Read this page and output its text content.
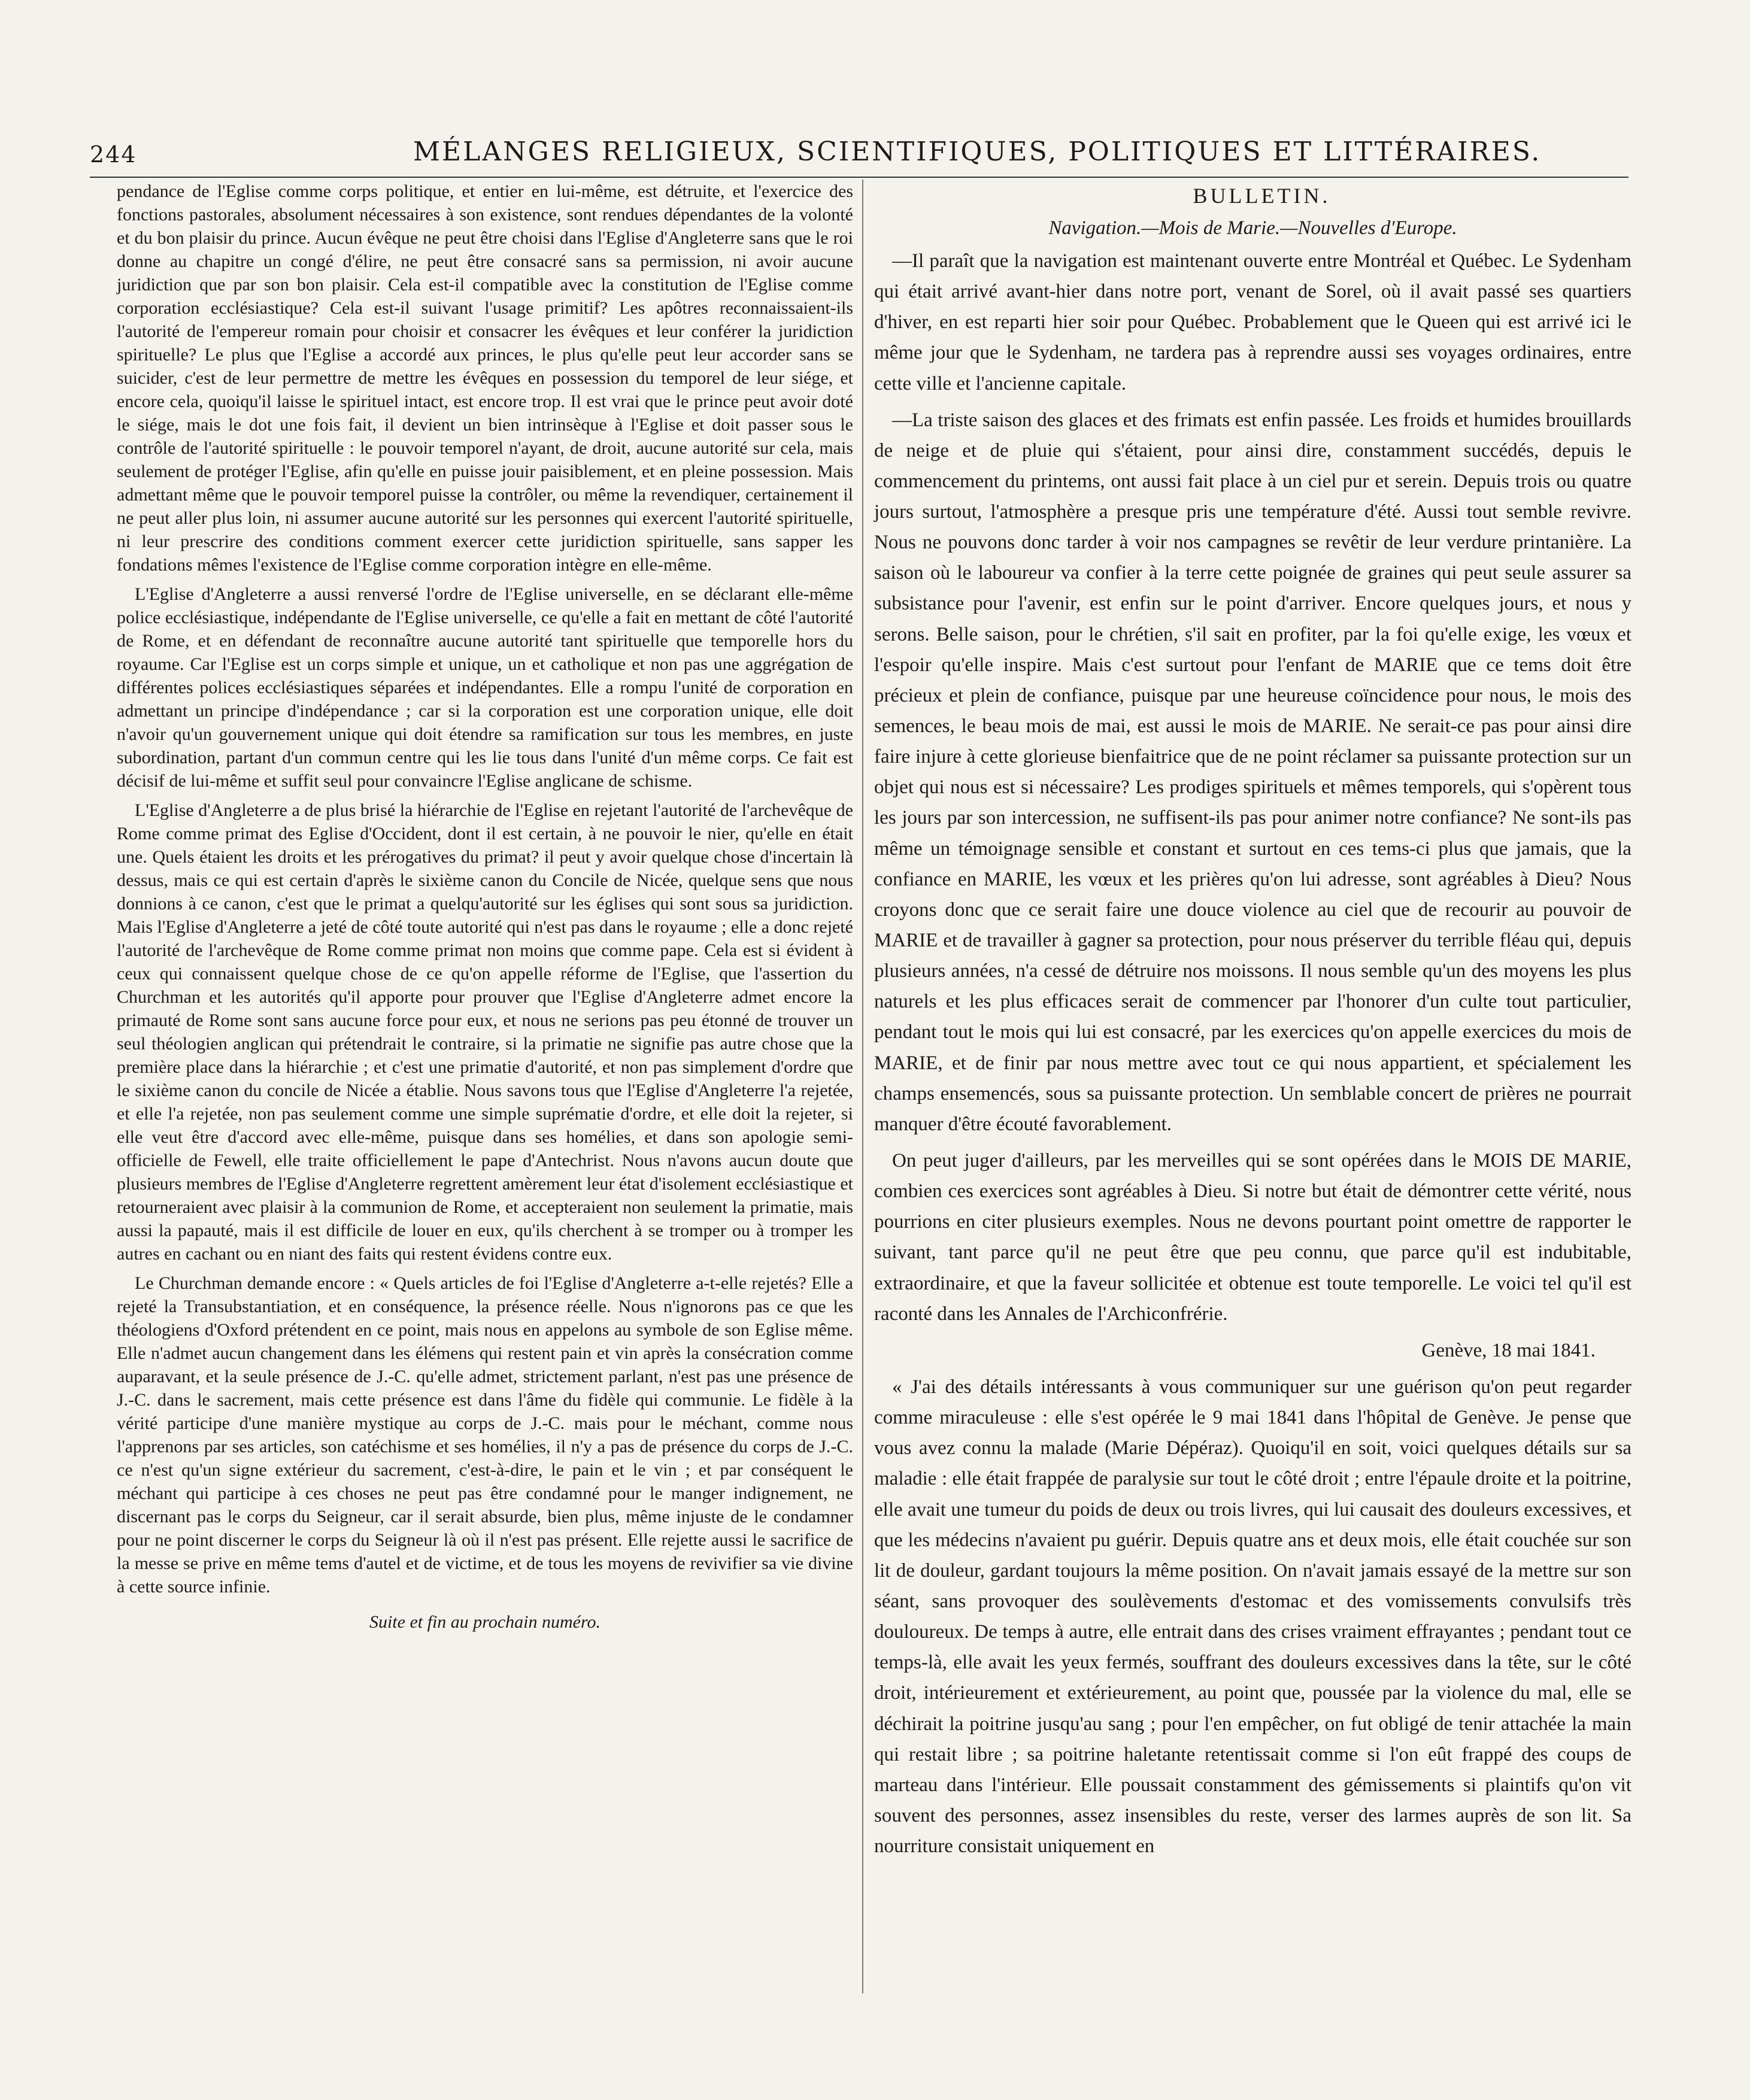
244	MÉLANGES RELIGIEUX, SCIENTIFIQUES, POLITIQUES ET LITTÉRAIRES.

pendance de l'Eglise comme corps politique, et entier en lui-même, est détruite, et l'exercice des fonctions pastorales, absolument nécessaires à son existence, sont rendues dépendantes de la volonté et du bon plaisir du prince. Aucun évêque ne peut être choisi dans l'Eglise d'Angleterre sans que le roi donne au chapitre un congé d'élire, ne peut être consacré sans sa permission, ni avoir aucune juridiction que par son bon plaisir. Cela est-il compatible avec la constitution de l'Eglise comme corporation ecclésiastique? Cela est-il suivant l'usage primitif? Les apôtres reconnaissaient-ils l'autorité de l'empereur romain pour choisir et consacrer les évêques et leur conférer la juridiction spirituelle? Le plus que l'Eglise a accordé aux princes, le plus qu'elle peut leur accorder sans se suicider, c'est de leur permettre de mettre les évêques en possession du temporel de leur siége, et encore cela, quoiqu'il laisse le spirituel intact, est encore trop. Il est vrai que le prince peut avoir doté le siége, mais le dot une fois fait, il devient un bien intrinsèque à l'Eglise et doit passer sous le contrôle de l'autorité spirituelle : le pouvoir temporel n'ayant, de droit, aucune autorité sur cela, mais seulement de protéger l'Eglise, afin qu'elle en puisse jouir paisiblement, et en pleine possession. Mais admettant même que le pouvoir temporel puisse la contrôler, ou même la revendiquer, certainement il ne peut aller plus loin, ni assumer aucune autorité sur les personnes qui exercent l'autorité spirituelle, ni leur prescrire des conditions comment exercer cette juridiction spirituelle, sans sapper les fondations mêmes l'existence de l'Eglise comme corporation intègre en elle-même.

L'Eglise d'Angleterre a aussi renversé l'ordre de l'Eglise universelle, en se déclarant elle-même police ecclésiastique, indépendante de l'Eglise universelle, ce qu'elle a fait en mettant de côté l'autorité de Rome, et en défendant de reconnaître aucune autorité tant spirituelle que temporelle hors du royaume. Car l'Eglise est un corps simple et unique, un et catholique et non pas une aggrégation de différentes polices ecclésiastiques séparées et indépendantes. Elle a rompu l'unité de corporation en admettant un principe d'indépendance ; car si la corporation est une corporation unique, elle doit n'avoir qu'un gouvernement unique qui doit étendre sa ramification sur tous les membres, en juste subordination, partant d'un commun centre qui les lie tous dans l'unité d'un même corps. Ce fait est décisif de lui-même et suffit seul pour convaincre l'Eglise anglicane de schisme.

L'Eglise d'Angleterre a de plus brisé la hiérarchie de l'Eglise en rejetant l'autorité de l'archevêque de Rome comme primat des Eglise d'Occident, dont il est certain, à ne pouvoir le nier, qu'elle en était une. Quels étaient les droits et les prérogatives du primat? il peut y avoir quelque chose d'incertain là dessus, mais ce qui est certain d'après le sixième canon du Concile de Nicée, quelque sens que nous donnions à ce canon, c'est que le primat a quelqu'autorité sur les églises qui sont sous sa juridiction. Mais l'Eglise d'Angleterre a jeté de côté toute autorité qui n'est pas dans le royaume ; elle a donc rejeté l'autorité de l'archevêque de Rome comme primat non moins que comme pape. Cela est si évident à ceux qui connaissent quelque chose de ce qu'on appelle réforme de l'Eglise, que l'assertion du Churchman et les autorités qu'il apporte pour prouver que l'Eglise d'Angleterre admet encore la primauté de Rome sont sans aucune force pour eux, et nous ne serions pas peu étonné de trouver un seul théologien anglican qui prétendrait le contraire, si la primatie ne signifie pas autre chose que la première place dans la hiérarchie ; et c'est une primatie d'autorité, et non pas simplement d'ordre que le sixième canon du concile de Nicée a établie. Nous savons tous que l'Eglise d'Angleterre l'a rejetée, et elle l'a rejetée, non pas seulement comme une simple suprématie d'ordre, et elle doit la rejeter, si elle veut être d'accord avec elle-même, puisque dans ses homélies, et dans son apologie semi-officielle de Fewell, elle traite officiellement le pape d'Antechrist. Nous n'avons aucun doute que plusieurs membres de l'Eglise d'Angleterre regrettent amèrement leur état d'isolement ecclésiastique et retourneraient avec plaisir à la communion de Rome, et accepteraient non seulement la primatie, mais aussi la papauté, mais il est difficile de louer en eux, qu'ils cherchent à se tromper ou à tromper les autres en cachant ou en niant des faits qui restent évidens contre eux.

Le Churchman demande encore : « Quels articles de foi l'Eglise d'Angleterre a-t-elle rejetés? Elle a rejeté la Transubstantiation, et en conséquence, la présence réelle. Nous n'ignorons pas ce que les théologiens d'Oxford prétendent en ce point, mais nous en appelons au symbole de son Eglise même. Elle n'admet aucun changement dans les élémens qui restent pain et vin après la consécration comme auparavant, et la seule présence de J.-C. qu'elle admet, strictement parlant, n'est pas une présence de J.-C. dans le sacrement, mais cette présence est dans l'âme du fidèle qui communie. Le fidèle à la vérité participe d'une manière mystique au corps de J.-C. mais pour le méchant, comme nous l'apprenons par ses articles, son catéchisme et ses homélies, il n'y a pas de présence du corps de J.-C. ce n'est qu'un signe extérieur du sacrement, c'est-à-dire, le pain et le vin ; et par conséquent le méchant qui participe à ces choses ne peut pas être condamné pour le manger indignement, ne discernant pas le corps du Seigneur, car il serait absurde, bien plus, même injuste de le condamner pour ne point discerner le corps du Seigneur là où il n'est pas présent. Elle rejette aussi le sacrifice de la messe se prive en même tems d'autel et de victime, et de tous les moyens de revivifier sa vie divine à cette source infinie.

Suite et fin au prochain numéro.

BULLETIN.

Navigation.—Mois de Marie.—Nouvelles d'Europe.

—Il paraît que la navigation est maintenant ouverte entre Montréal et Québec. Le Sydenham qui était arrivé avant-hier dans notre port, venant de Sorel, où il avait passé ses quartiers d'hiver, en est reparti hier soir pour Québec. Probablement que le Queen qui est arrivé ici le même jour que le Sydenham, ne tardera pas à reprendre aussi ses voyages ordinaires, entre cette ville et l'ancienne capitale.

—La triste saison des glaces et des frimats est enfin passée. Les froids et humides brouillards de neige et de pluie qui s'étaient, pour ainsi dire, constamment succédés, depuis le commencement du printems, ont aussi fait place à un ciel pur et serein. Depuis trois ou quatre jours surtout, l'atmosphère a presque pris une température d'été. Aussi tout semble revivre. Nous ne pouvons donc tarder à voir nos campagnes se revêtir de leur verdure printanière. La saison où le laboureur va confier à la terre cette poignée de graines qui peut seule assurer sa subsistance pour l'avenir, est enfin sur le point d'arriver. Encore quelques jours, et nous y serons. Belle saison, pour le chrétien, s'il sait en profiter, par la foi qu'elle exige, les vœux et l'espoir qu'elle inspire. Mais c'est surtout pour l'enfant de MARIE que ce tems doit être précieux et plein de confiance, puisque par une heureuse coïncidence pour nous, le mois des semences, le beau mois de mai, est aussi le mois de MARIE. Ne serait-ce pas pour ainsi dire faire injure à cette glorieuse bienfaitrice que de ne point réclamer sa puissante protection sur un objet qui nous est si nécessaire? Les prodiges spirituels et mêmes temporels, qui s'opèrent tous les jours par son intercession, ne suffisent-ils pas pour animer notre confiance? Ne sont-ils pas même un témoignage sensible et constant et surtout en ces tems-ci plus que jamais, que la confiance en MARIE, les vœux et les prières qu'on lui adresse, sont agréables à Dieu? Nous croyons donc que ce serait faire une douce violence au ciel que de recourir au pouvoir de MARIE et de travailler à gagner sa protection, pour nous préserver du terrible fléau qui, depuis plusieurs années, n'a cessé de détruire nos moissons. Il nous semble qu'un des moyens les plus naturels et les plus efficaces serait de commencer par l'honorer d'un culte tout particulier, pendant tout le mois qui lui est consacré, par les exercices qu'on appelle exercices du mois de MARIE, et de finir par nous mettre avec tout ce qui nous appartient, et spécialement les champs ensemencés, sous sa puissante protection. Un semblable concert de prières ne pourrait manquer d'être écouté favorablement.

On peut juger d'ailleurs, par les merveilles qui se sont opérées dans le MOIS DE MARIE, combien ces exercices sont agréables à Dieu. Si notre but était de démontrer cette vérité, nous pourrions en citer plusieurs exemples. Nous ne devons pourtant point omettre de rapporter le suivant, tant parce qu'il ne peut être que peu connu, que parce qu'il est indubitable, extraordinaire, et que la faveur sollicitée et obtenue est toute temporelle. Le voici tel qu'il est raconté dans les Annales de l'Archiconfrérie.

Genève, 18 mai 1841.

« J'ai des détails intéressants à vous communiquer sur une guérison qu'on peut regarder comme miraculeuse : elle s'est opérée le 9 mai 1841 dans l'hôpital de Genève. Je pense que vous avez connu la malade (Marie Dépéraz). Quoiqu'il en soit, voici quelques détails sur sa maladie : elle était frappée de paralysie sur tout le côté droit ; entre l'épaule droite et la poitrine, elle avait une tumeur du poids de deux ou trois livres, qui lui causait des douleurs excessives, et que les médecins n'avaient pu guérir. Depuis quatre ans et deux mois, elle était couchée sur son lit de douleur, gardant toujours la même position. On n'avait jamais essayé de la mettre sur son séant, sans provoquer des soulèvements d'estomac et des vomissements convulsifs très douloureux. De temps à autre, elle entrait dans des crises vraiment effrayantes ; pendant tout ce temps-là, elle avait les yeux fermés, souffrant des douleurs excessives dans la tête, sur le côté droit, intérieurement et extérieurement, au point que, poussée par la violence du mal, elle se déchirait la poitrine jusqu'au sang ; pour l'en empêcher, on fut obligé de tenir attachée la main qui restait libre ; sa poitrine haletante retentissait comme si l'on eût frappé des coups de marteau dans l'intérieur. Elle poussait constamment des gémissements si plaintifs qu'on vit souvent des personnes, assez insensibles du reste, verser des larmes auprès de son lit. Sa nourriture consistait uniquement en
